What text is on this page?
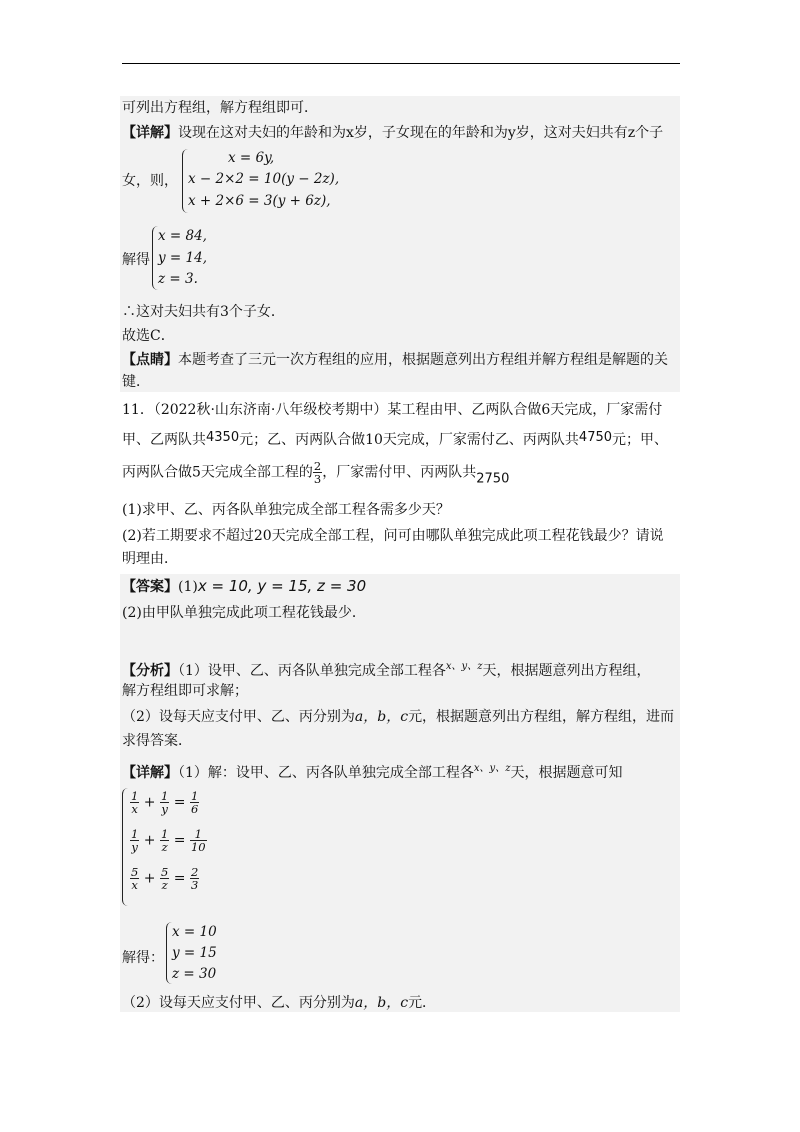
可列出方程组，解方程组即可．
【详解】设现在这对夫妇的年龄和为x岁，子女现在的年龄和为y岁，这对夫妇共有z个子
女，则，
x = 6y,
x − 2×2 = 10(y − 2z),
x + 2×6 = 3(y + 6z),
解得
x = 84,
y = 14,
z = 3.
∴这对夫妇共有3个子女．
故选C．
【点睛】本题考查了三元一次方程组的应用，根据题意列出方程组并解方程组是解题的关
键．
11．（2022秋·山东济南·八年级校考期中）某工程由甲、乙两队合做6天完成，厂家需付
甲、乙两队共4350元；乙、丙两队合做10天完成，厂家需付乙、丙两队共4750元；甲、
丙两队合做5天完成全部工程的 $\frac{2}{3}$ ，厂家需付甲、丙两队共2750
(1)求甲、乙、丙各队单独完成全部工程各需多少天？
(2)若工期要求不超过20天完成全部工程，问可由哪队单独完成此项工程花钱最少？请说
明理由．
【答案】(1)x = 10, y = 15, z = 30
(2)由甲队单独完成此项工程花钱最少．
【分析】（1）设甲、乙、丙各队单独完成全部工程各$^{x、y、z}$天，根据题意列出方程组，
解方程组即可求解；
（2）设每天应支付甲、乙、丙分别为a，b，c元，根据题意列出方程组，解方程组，进而
求得答案．
【详解】（1）解：设甲、乙、丙各队单独完成全部工程各$^{x、y、z}$天，根据题意可知
$\frac{1}{x} + \frac{1}{y} = \frac{1}{6}$
$\frac{1}{y} + \frac{1}{z} = \frac{1}{10}$
$\frac{5}{x} + \frac{5}{z} = \frac{2}{3}$
解得：
x = 10
y = 15
z = 30
（2）设每天应支付甲、乙、丙分别为a，b，c元．
